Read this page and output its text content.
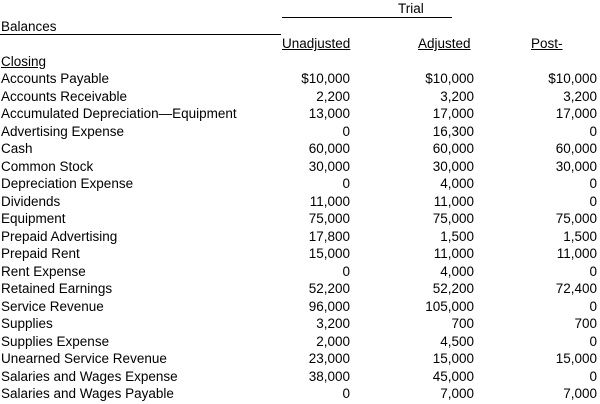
Trial
Balances
Unadjusted	Adjusted	Post-
Closing
Accounts Payable	$10,000	$10,000	$10,000
Accounts Receivable	2,200	3,200	3,200
Accumulated Depreciation—Equipment	13,000	17,000	17,000
Advertising Expense	0	16,300	0
Cash	60,000	60,000	60,000
Common Stock	30,000	30,000	30,000
Depreciation Expense	0	4,000	0
Dividends	11,000	11,000	0
Equipment	75,000	75,000	75,000
Prepaid Advertising	17,800	1,500	1,500
Prepaid Rent	15,000	11,000	11,000
Rent Expense	0	4,000	0
Retained Earnings	52,200	52,200	72,400
Service Revenue	96,000	105,000	0
Supplies	3,200	700	700
Supplies Expense	2,000	4,500	0
Unearned Service Revenue	23,000	15,000	15,000
Salaries and Wages Expense	38,000	45,000	0
Salaries and Wages Payable	0	7,000	7,000
